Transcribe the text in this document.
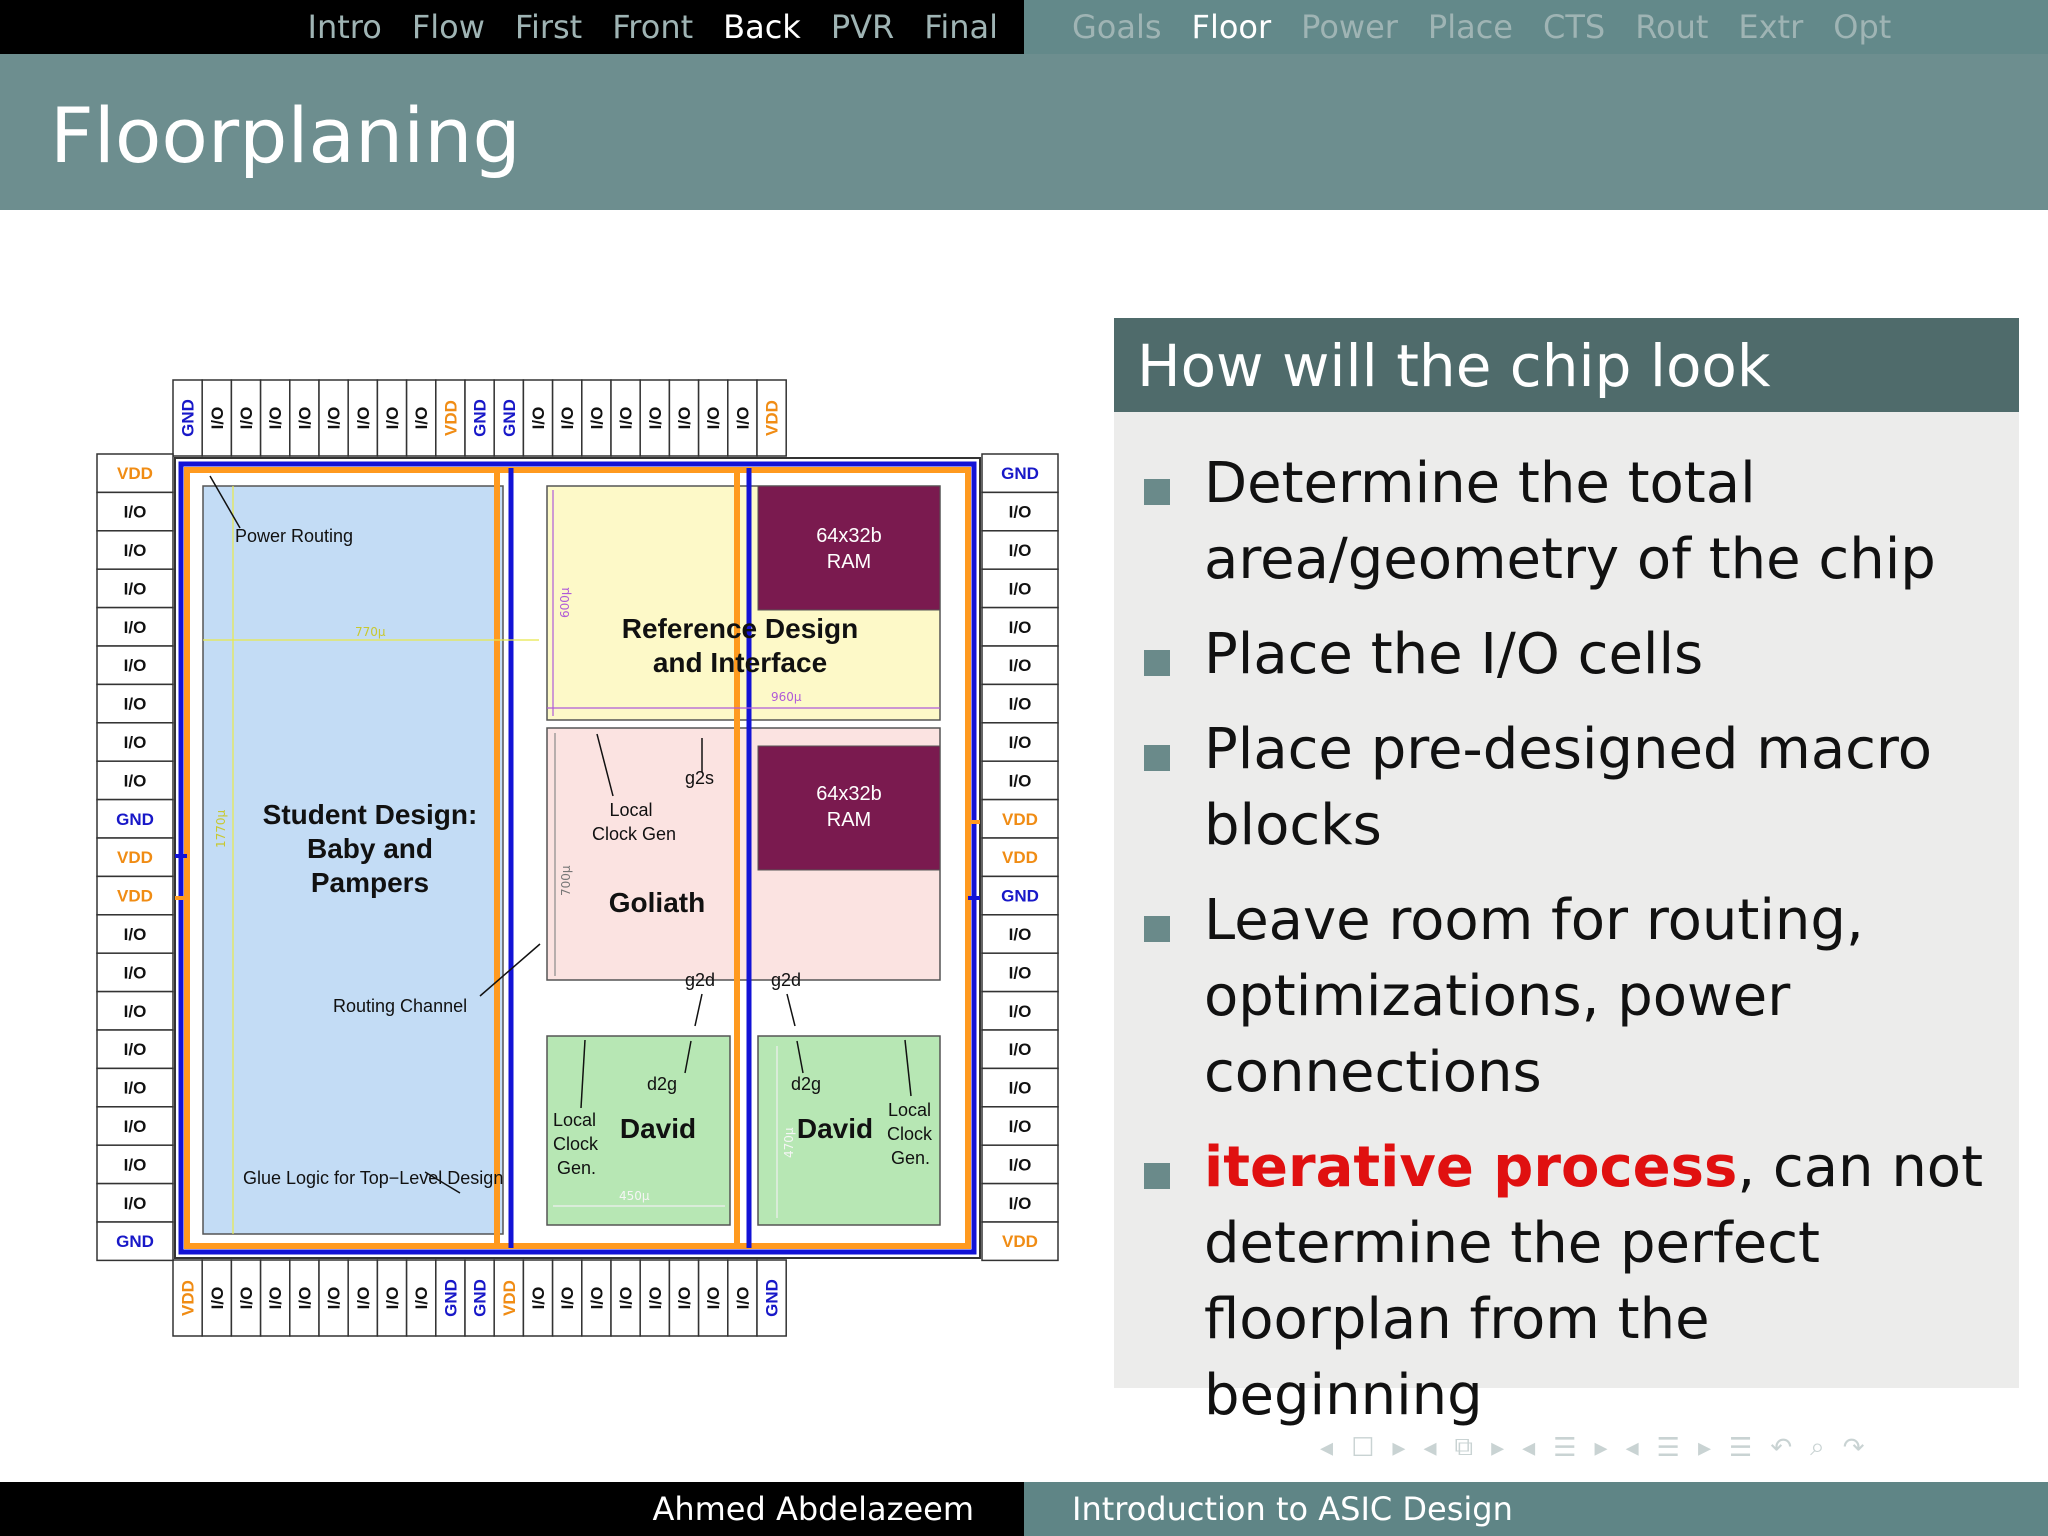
Intro Flow First Front Back PVR Final Goals Floor Power Place CTS Rout Extr Opt
Floorplaning
GND I/O I/O I/O I/O I/O I/O I/O I/O VDD GND GND I/O I/O I/O I/O I/O I/O I/O I/O VDD
VDD I/O I/O I/O I/O I/O I/O I/O I/O GND GND VDD I/O I/O I/O I/O I/O I/O I/O I/O GND
VDD
I/O
I/O
I/O
I/O
I/O
I/O
I/O
I/O
GND
VDD
VDD
I/O
I/O
I/O
I/O
I/O
I/O
I/O
I/O
GND
GND
I/O
I/O
I/O
I/O
I/O
I/O
I/O
I/O
VDD
VDD
GND
I/O
I/O
I/O
I/O
I/O
I/O
I/O
I/O
VDD
770µ
1770µ
600µ
960µ
700µ
450µ
470µ
Power Routing
Student Design:
Baby and
Pampers
Routing Channel
Glue Logic for Top−Level Design
Reference Design
and Interface
64x32b
RAM
64x32b
RAM
Local
Clock Gen
g2s
Goliath
g2d	g2d
d2g	d2g
David	David
Local
Clock
Gen.
Local
Clock
Gen.
How will the chip look
Determine the total area/geometry of the chip
Place the I/O cells
Place pre-designed macro blocks
Leave room for routing, optimizations, power connections
iterative process, can not determine the perfect floorplan from the beginning
◂ ☐ ▸ ◂ ⧉ ▸ ◂ ☰ ▸ ◂ ☰ ▸ ☰ ↶ ⌕ ↷
Ahmed Abdelazeem	Introduction to ASIC Design
